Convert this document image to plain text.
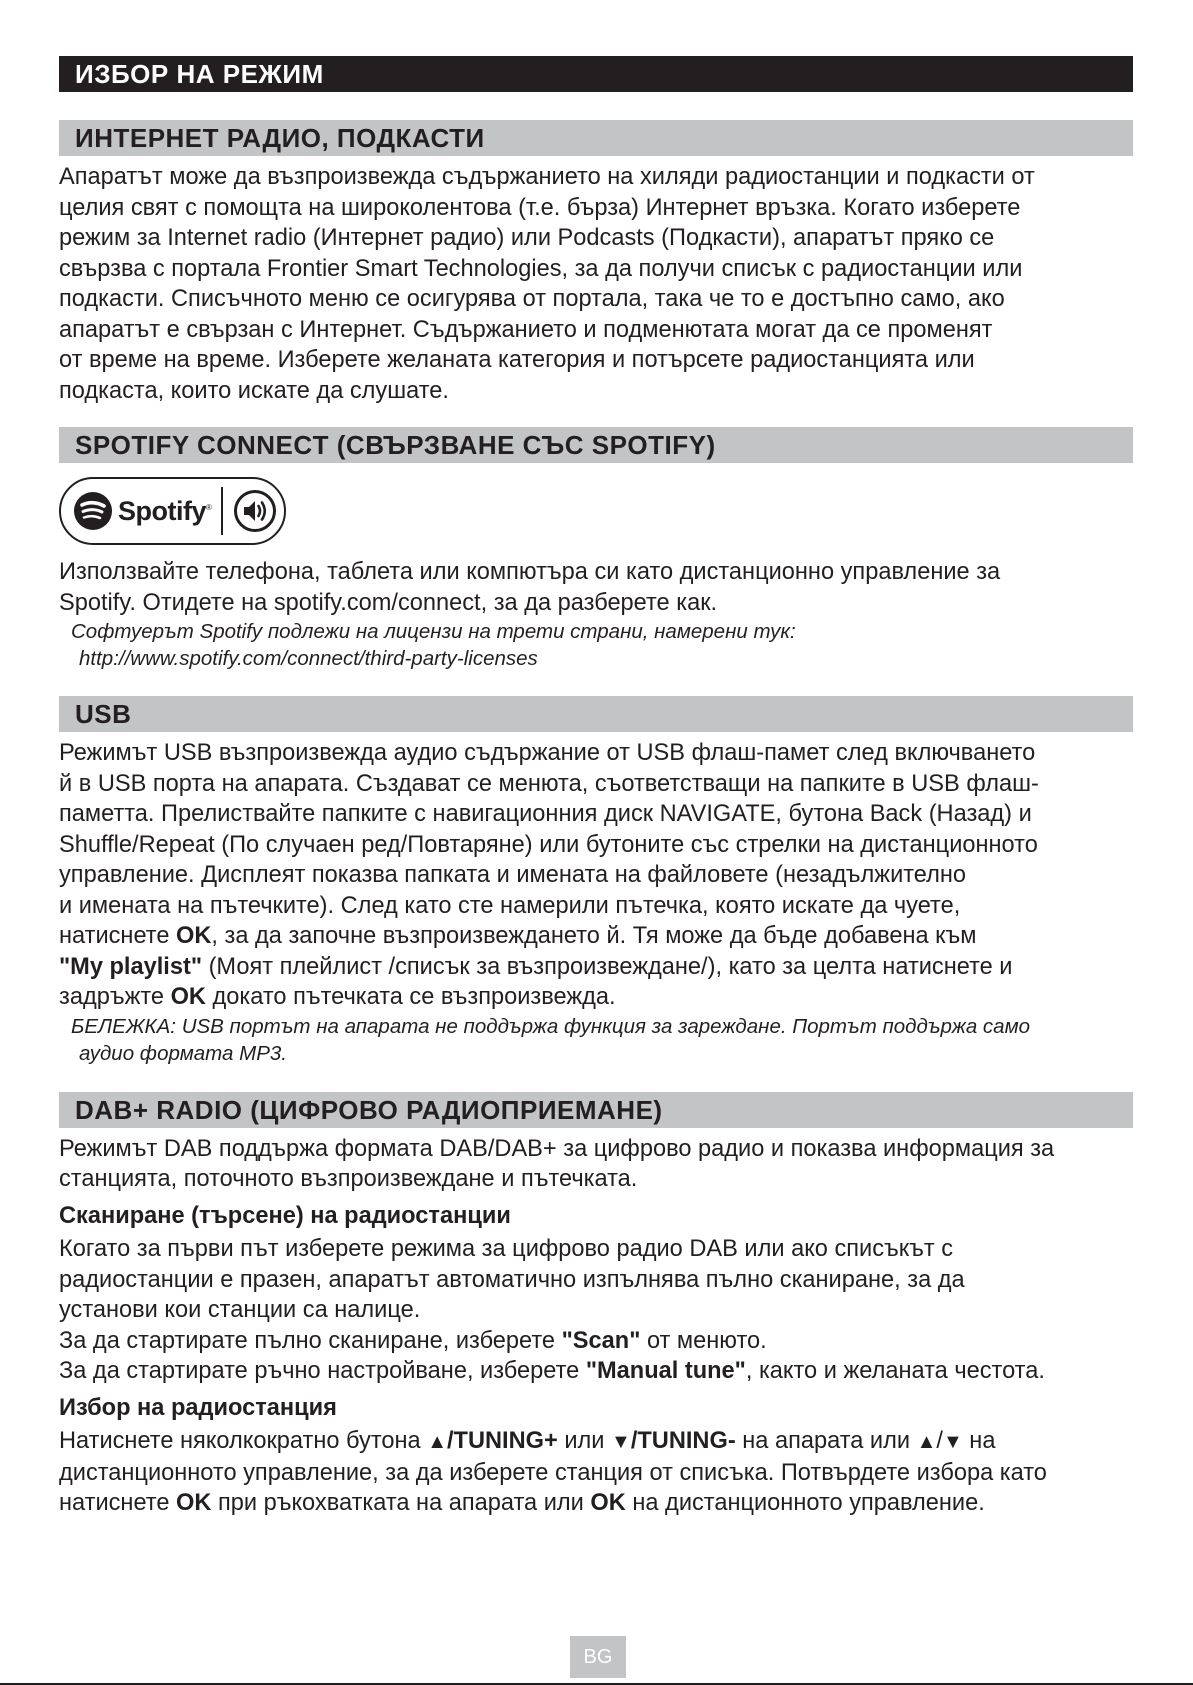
ИЗБОР НА РЕЖИМ
ИНТЕРНЕТ РАДИО, ПОДКАСТИ

Апаратът може да възпроизвежда съдържанието на хиляди радиостанции и подкасти от

целия свят с помощта на широколентова (т.е. бърза) Интернет връзка. Когато изберете

режим за Internet radio (Интернет радио) или Podcasts (Подкасти), апаратът пряко се

свързва с портала Frontier Smart Technologies, за да получи списък с радиостанции или

подкасти. Списъчното меню се осигурява от портала, така че то е достъпно само, ако

апаратът е свързан с Интернет. Съдържанието и подменютата могат да се променят

от време на време. Изберете желаната категория и потърсете радиостанцията или

подкаста, които искате да слушате.

SPOTIFY CONNECT (СВЪРЗВАНЕ СЪС SPOTIFY)
Spotify®

Използвайте телефона, таблета или компютъра си като дистанционно управление за

Spotify. Отидете на spotify.com/connect, за да разберете как.

Софтуерът Spotify подлежи на лицензи на трети страни, намерени тук:
http://www.spotify.com/connect/third-party-licenses

USB

Режимът USB възпроизвежда аудио съдържание от USB флаш-памет след включването

й в USB порта на апарата. Създават се менюта, съответстващи на папките в USB флаш-

паметта. Прелиствайте папките с навигационния диск NAVIGATE, бутона Back (Назад) и

Shuffle/Repeat (По случаен ред/Повтаряне) или бутоните със стрелки на дистанционното

управление. Дисплеят показва папката и имената на файловете (незадължително

и имената на пътечките). След като сте намерили пътечка, която искате да чуете,

натиснете OK, за да започне възпроизвеждането й. Тя може да бъде добавена към

"My playlist" (Моят плейлист /списък за възпроизвеждане/), като за целта натиснете и

задръжте OK докато пътечката се възпроизвежда.

БЕЛЕЖКА: USB портът на апарата не поддържа функция за зареждане. Портът поддържа само
аудио формата MP3.

DAB+ RADIO (ЦИФРОВО РАДИОПРИЕМАНЕ)

Режимът DAB поддържа формата DAB/DAB+ за цифрово радио и показва информация за

станцията, поточното възпроизвеждане и пътечката.

Сканиране (търсене) на радиостанции

Когато за първи път изберете режима за цифрово радио DAB или ако списъкът с

радиостанции е празен, апаратът автоматично изпълнява пълно сканиране, за да

установи кои станции са налице.

За да стартирате пълно сканиране, изберете "Scan" от менюто.

За да стартирате ръчно настройване, изберете "Manual tune", както и желаната честота.

Избор на радиостанция

Натиснете няколкократно бутона ▲/TUNING+ или ▼/TUNING- на апарата или ▲/▼ на

дистанционното управление, за да изберете станция от списъка. Потвърдете избора като

натиснете OK при ръкохватката на апарата или OK на дистанционното управление.

BG
